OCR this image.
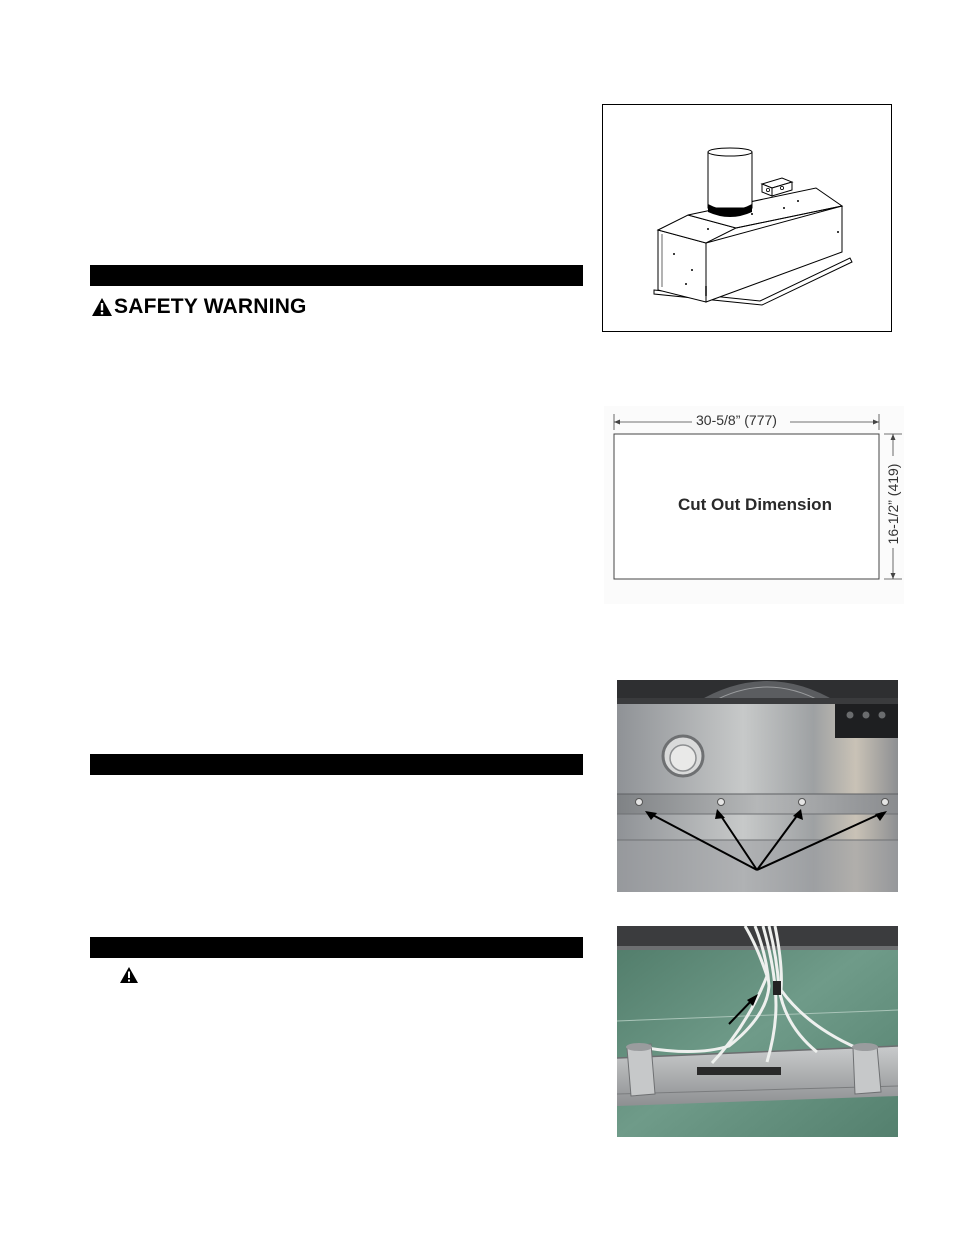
SAFETY WARNING
30-5/8” (777)
16-1/2” (419)
Cut Out Dimension
